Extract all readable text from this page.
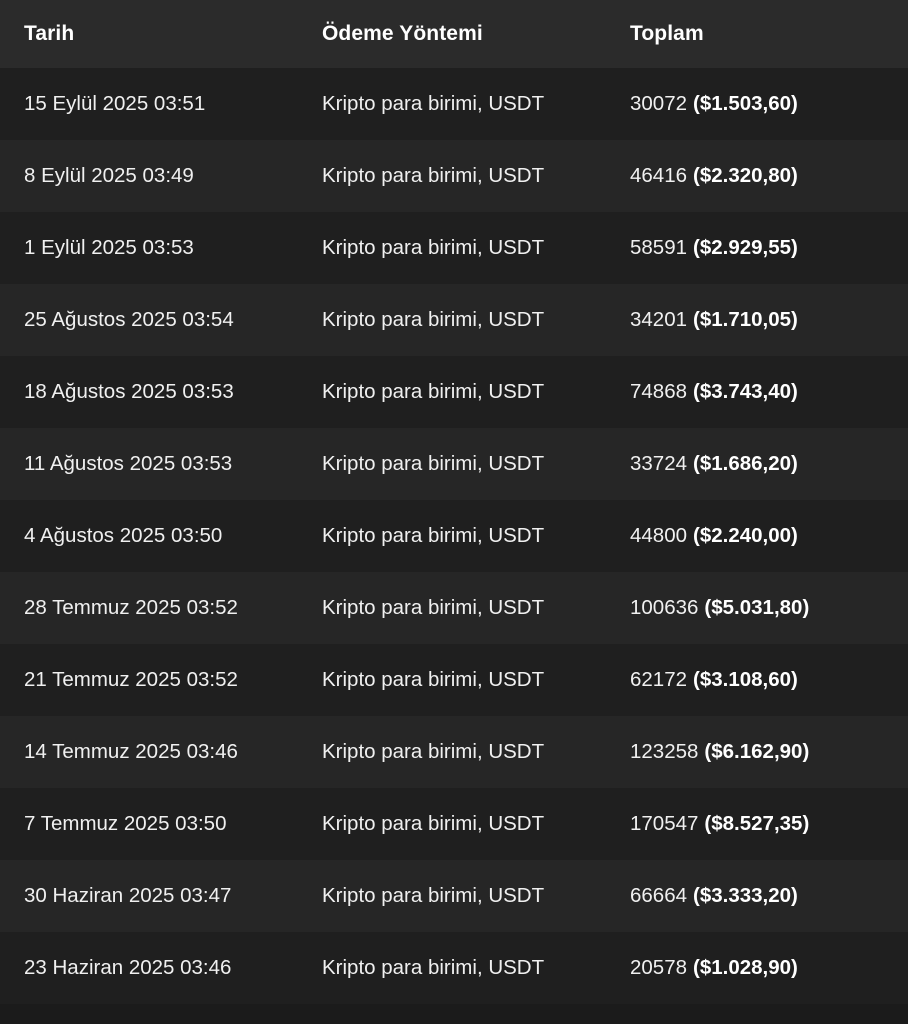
Tarih	Ödeme Yöntemi	Toplam
15 Eylül 2025 03:51	Kripto para birimi, USDT	30072 ($1.503,60)
8 Eylül 2025 03:49	Kripto para birimi, USDT	46416 ($2.320,80)
1 Eylül 2025 03:53	Kripto para birimi, USDT	58591 ($2.929,55)
25 Ağustos 2025 03:54	Kripto para birimi, USDT	34201 ($1.710,05)
18 Ağustos 2025 03:53	Kripto para birimi, USDT	74868 ($3.743,40)
11 Ağustos 2025 03:53	Kripto para birimi, USDT	33724 ($1.686,20)
4 Ağustos 2025 03:50	Kripto para birimi, USDT	44800 ($2.240,00)
28 Temmuz 2025 03:52	Kripto para birimi, USDT	100636 ($5.031,80)
21 Temmuz 2025 03:52	Kripto para birimi, USDT	62172 ($3.108,60)
14 Temmuz 2025 03:46	Kripto para birimi, USDT	123258 ($6.162,90)
7 Temmuz 2025 03:50	Kripto para birimi, USDT	170547 ($8.527,35)
30 Haziran 2025 03:47	Kripto para birimi, USDT	66664 ($3.333,20)
23 Haziran 2025 03:46	Kripto para birimi, USDT	20578 ($1.028,90)
